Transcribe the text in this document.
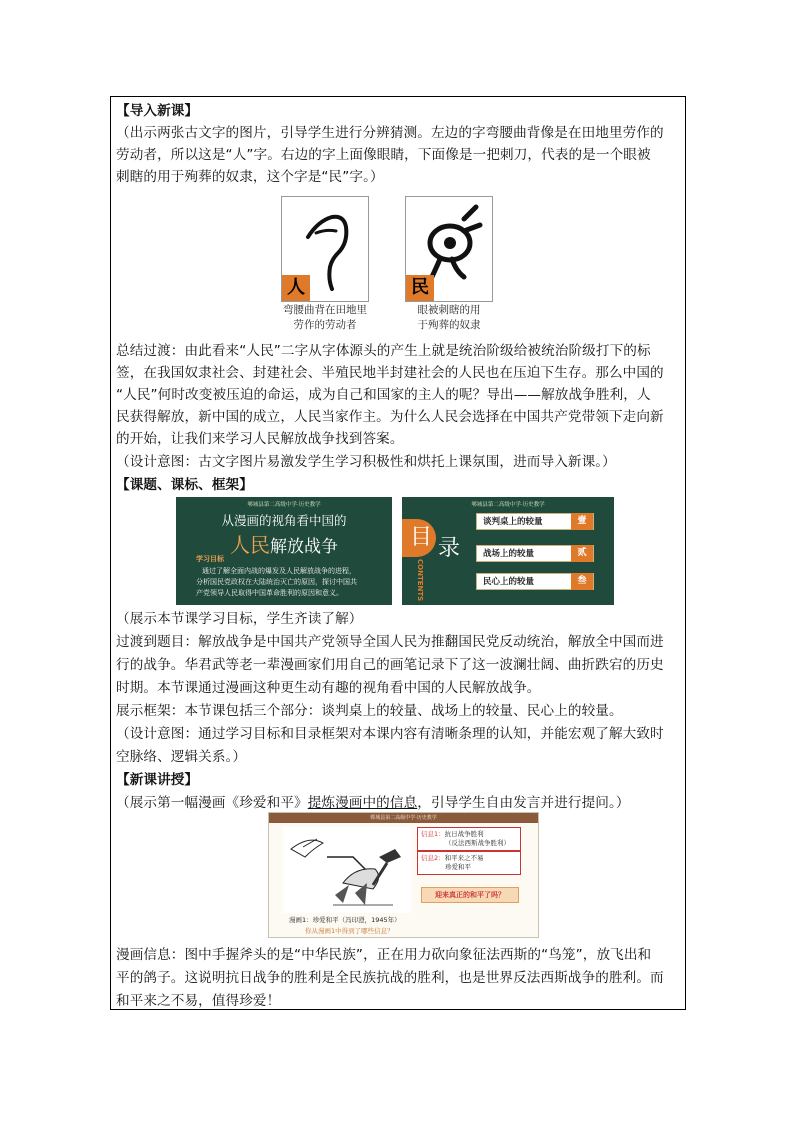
【导入新课】
（出示两张古文字的图片，引导学生进行分辨猜测。左边的字弯腰曲背像是在田地里劳作的
劳动者，所以这是“人”字。右边的字上面像眼睛，下面像是一把刺刀，代表的是一个眼被
刺瞎的用于殉葬的奴隶，这个字是“民”字。）
人
弯腰曲背在田地里
劳作的劳动者
民
眼被刺瞎的用
于殉葬的奴隶
总结过渡：由此看来“人民”二字从字体源头的产生上就是统治阶级给被统治阶级打下的标
签，在我国奴隶社会、封建社会、半殖民地半封建社会的人民也在压迫下生存。那么中国的
“人民”何时改变被压迫的命运，成为自己和国家的主人的呢？导出——解放战争胜利，人
民获得解放，新中国的成立，人民当家作主。为什么人民会选择在中国共产党带领下走向新
的开始，让我们来学习人民解放战争找到答案。
（设计意图：古文字图片易激发学生学习积极性和烘托上课氛围，进而导入新课。）
【课题、课标、框架】
郸城县第二高级中学·历史教学
从漫画的视角看中国的
人民解放战争
学习目标
通过了解全面内战的爆发及人民解放战争的进程，
分析国民党政权在大陆统治灭亡的原因，探讨中国共
产党领导人民取得中国革命胜利的原因和意义。
郸城县第二高级中学·历史教学
目 录
CONTENTS
谈判桌上的较量	壹
战场上的较量	贰
民心上的较量	叁
（展示本节课学习目标，学生齐读了解）
过渡到题目：解放战争是中国共产党领导全国人民为推翻国民党反动统治，解放全中国而进
行的战争。华君武等老一辈漫画家们用自己的画笔记录下了这一波澜壮阔、曲折跌宕的历史
时期。本节课通过漫画这种更生动有趣的视角看中国的人民解放战争。
展示框架：本节课包括三个部分：谈判桌上的较量、战场上的较量、民心上的较量。
（设计意图：通过学习目标和目录框架对本课内容有清晰条理的认知，并能宏观了解大致时
空脉络、逻辑关系。）
【新课讲授】
（展示第一幅漫画《珍爱和平》提炼漫画中的信息，引导学生自由发言并进行提问。）
郸城县第二高级中学·历史教学
信息1：抗日战争胜利
（反法西斯战争胜利）
信息2：和平来之不易
珍爱和平
迎来真正的和平了吗？
漫画1：珍爱和平（冯印澄，1945年）
你从漫画1中得到了哪些信息？
漫画信息：图中手握斧头的是“中华民族”，正在用力砍向象征法西斯的“鸟笼”，放飞出和
平的鸽子。这说明抗日战争的胜利是全民族抗战的胜利，也是世界反法西斯战争的胜利。而
和平来之不易，值得珍爱！
